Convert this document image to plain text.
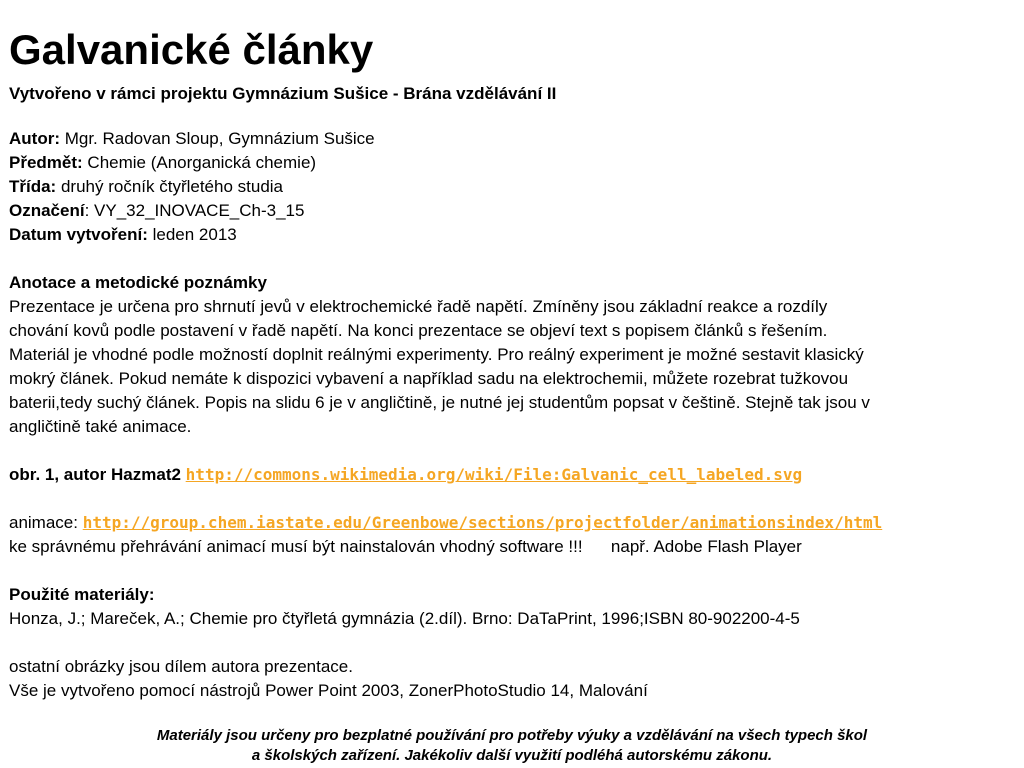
Galvanické články
Vytvořeno v rámci projektu Gymnázium Sušice - Brána vzdělávání II
Autor: Mgr. Radovan Sloup, Gymnázium Sušice
Předmět: Chemie (Anorganická chemie)
Třída: druhý ročník čtyřletého studia
Označení: VY_32_INOVACE_Ch-3_15
Datum vytvoření: leden 2013
Anotace a metodické poznámky
Prezentace je určena pro shrnutí jevů v elektrochemické řadě napětí. Zmíněny jsou základní reakce a rozdíly
chování kovů podle postavení v řadě napětí. Na konci prezentace se objeví text s popisem článků s řešením.
Materiál je vhodné podle možností doplnit reálnými experimenty. Pro reálný experiment je možné sestavit klasický
mokrý článek. Pokud nemáte k dispozici vybavení a například sadu na elektrochemii, můžete rozebrat tužkovou
baterii,tedy suchý článek. Popis na slidu 6 je v angličtině, je nutné jej studentům popsat v češtině. Stejně tak jsou v
angličtině také animace.
obr. 1, autor Hazmat2 http://commons.wikimedia.org/wiki/File:Galvanic_cell_labeled.svg
animace: http://group.chem.iastate.edu/Greenbowe/sections/projectfolder/animationsindex/html
ke správnému přehrávání animací musí být nainstalován vhodný software !!!      např. Adobe Flash Player
Použité materiály:
Honza, J.; Mareček, A.; Chemie pro čtyřletá gymnázia (2.díl). Brno: DaTaPrint, 1996;ISBN 80-902200-4-5
ostatní obrázky jsou dílem autora prezentace.
Vše je vytvořeno pomocí nástrojů Power Point 2003, ZonerPhotoStudio 14, Malování
Materiály jsou určeny pro bezplatné používání pro potřeby výuky a vzdělávání na všech typech škol
a školských zařízení. Jakékoliv další využití podléhá autorskému zákonu.
